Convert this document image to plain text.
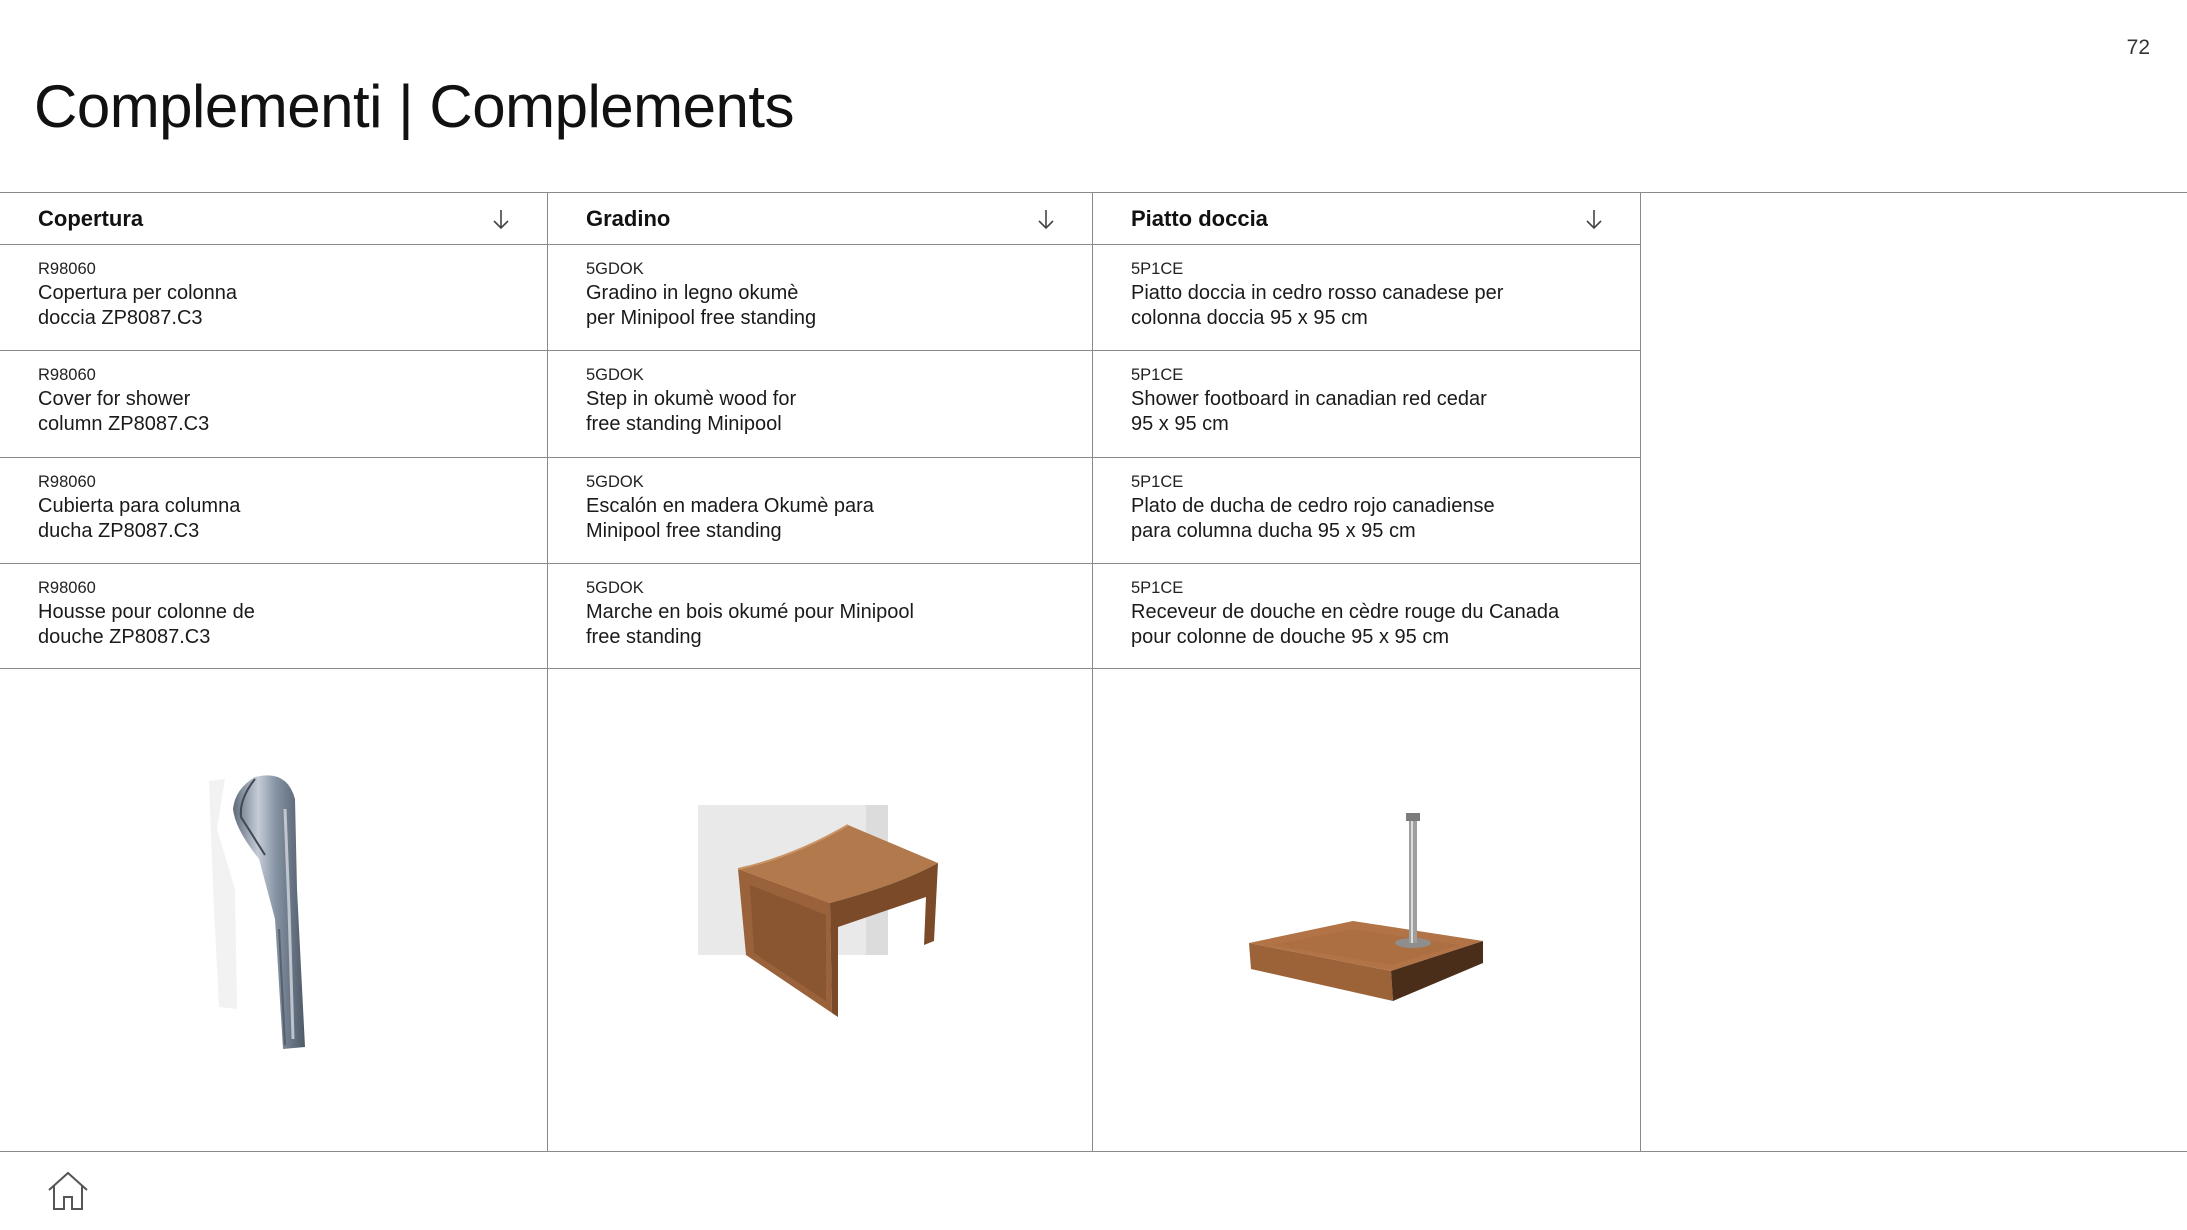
72
Complementi | Complements
Copertura
R98060
Copertura per colonna
doccia ZP8087.C3
R98060
Cover for shower
column ZP8087.C3
R98060
Cubierta para columna
ducha ZP8087.C3
R98060
Housse pour colonne de
douche ZP8087.C3
Gradino
5GDOK
Gradino in legno okumè
per Minipool free standing
5GDOK
Step in okumè wood for
free standing Minipool
5GDOK
Escalón en madera Okumè para
Minipool free standing
5GDOK
Marche en bois okumé pour Minipool
free standing
Piatto doccia
5P1CE
Piatto doccia in cedro rosso canadese per
colonna doccia 95 x 95 cm
5P1CE
Shower footboard in canadian red cedar
95 x 95 cm
5P1CE
Plato de ducha de cedro rojo canadiense
para columna ducha 95 x 95 cm
5P1CE
Receveur de douche en cèdre rouge du Canada
pour colonne de douche 95 x 95 cm
